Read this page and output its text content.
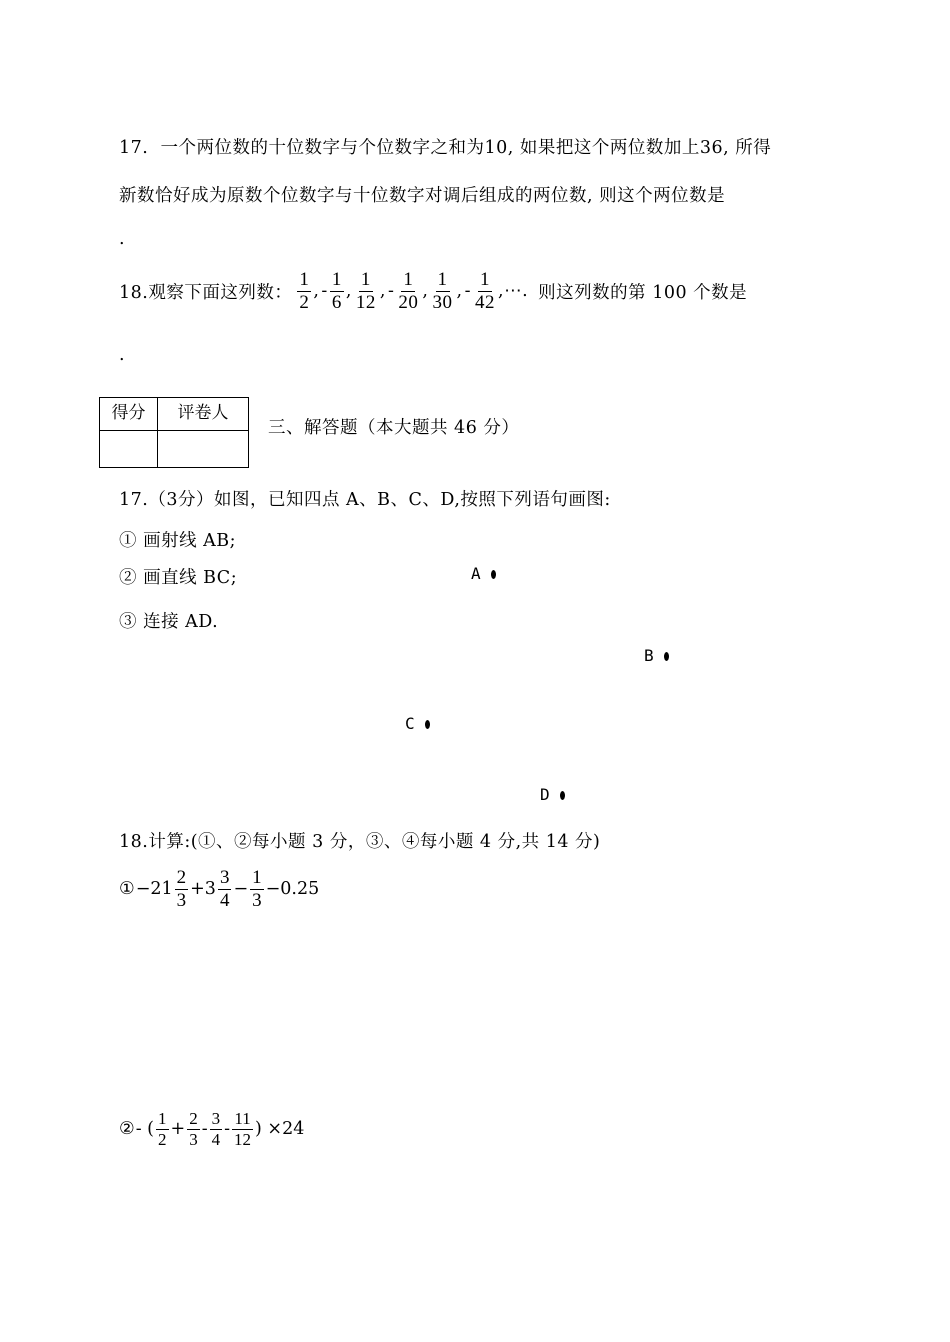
17. 一个两位数的十位数字与个位数字之和为10, 如果把这个两位数加上36, 所得
新数恰好成为原数个位数字与十位数字对调后组成的两位数, 则这个两位数是
.
18.观察下面这列数： $\frac{1}{2}$ , - $\frac{1}{6}$ , $\frac{1}{12}$ , - $\frac{1}{20}$ , $\frac{1}{30}$ , - $\frac{1}{42}$ ,⋯. 则这列数的第 100 个数是
.
得分	评卷人

三、解答题（本大题共 46 分）
17.（3分）如图，已知四点 A、B、C、D,按照下列语句画图:
① 画射线 AB;
② 画直线 BC;
③ 连接 AD.
A
B
C
D
18.计算:(①、②每小题 3 分，③、④每小题 4 分,共 14 分)
① $-21 \frac{2}{3} +3 \frac{3}{4} - \frac{1}{3} -0.25$
② - ( $\frac{1}{2} + \frac{2}{3} - \frac{3}{4} - \frac{11}{12}$ ) ×24
